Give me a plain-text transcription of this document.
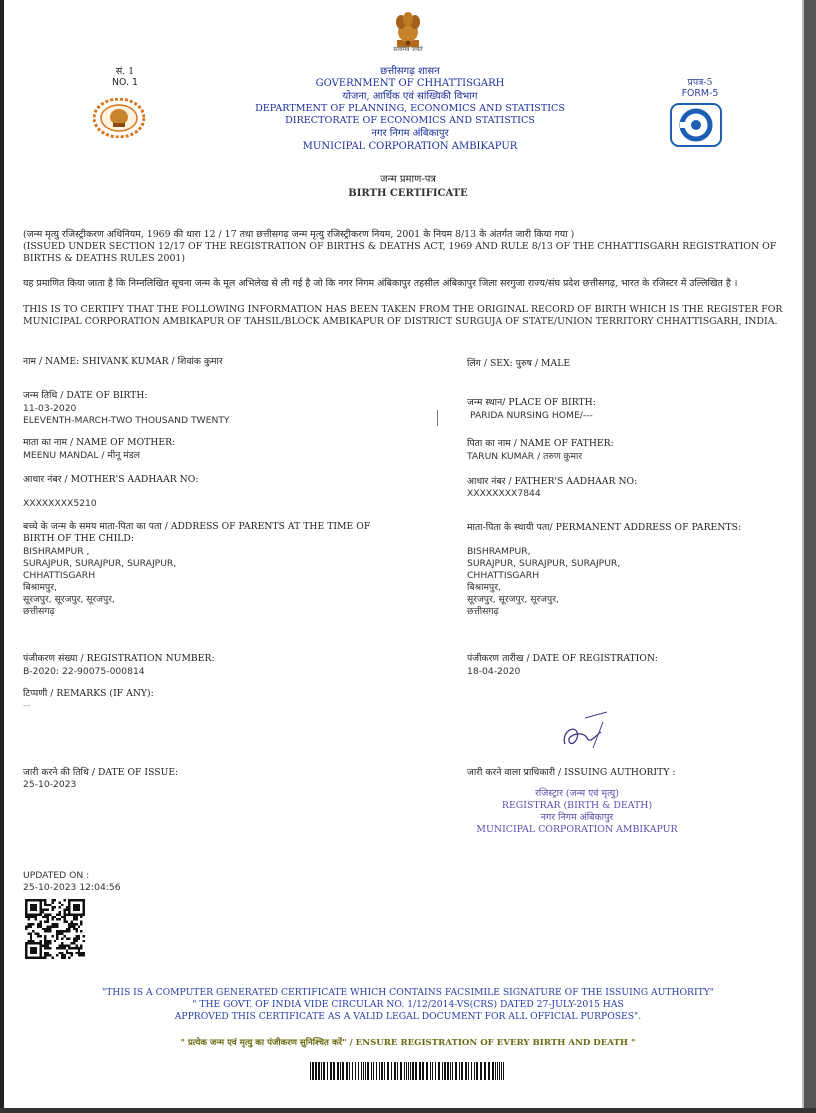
सत्यमेव जयते
सं. 1
NO. 1
छत्तीसगढ़ शासन
GOVERNMENT OF CHHATTISGARH
योजना, आर्थिक एवं सांख्यिकी विभाग
DEPARTMENT OF PLANNING, ECONOMICS AND STATISTICS
DIRECTORATE OF ECONOMICS AND STATISTICS
नगर निगम अंबिकापुर
MUNICIPAL CORPORATION AMBIKAPUR
प्रपत्र-5
FORM-5
जन्म प्रमाण-पत्र
BIRTH CERTIFICATE
(जन्म मृत्यु रजिस्ट्रीकरण अधिनियम, 1969 की धारा 12 / 17 तथा छत्तीसगढ़ जन्म मृत्यु रजिस्ट्रीकरण नियम, 2001 के नियम 8/13 के अंतर्गत जारी किया गया )
(ISSUED UNDER SECTION 12/17 OF THE REGISTRATION OF BIRTHS & DEATHS ACT, 1969 AND RULE 8/13 OF THE CHHATTISGARH REGISTRATION OF BIRTHS & DEATHS RULES 2001)
यह प्रमाणित किया जाता है कि निम्नलिखित सूचना जन्म के मूल अभिलेख से ली गई है जो कि नगर निगम अंबिकापुर तहसील अंबिकापुर जिला सरगुजा राज्य/संघ प्रदेश छत्तीसगढ़, भारत के रजिस्टर में उल्लिखित है ।
THIS IS TO CERTIFY THAT THE FOLLOWING INFORMATION HAS BEEN TAKEN FROM THE ORIGINAL RECORD OF BIRTH WHICH IS THE REGISTER FOR MUNICIPAL CORPORATION AMBIKAPUR OF TAHSIL/BLOCK AMBIKAPUR OF DISTRICT SURGUJA OF STATE/UNION TERRITORY CHHATTISGARH, INDIA.
नाम / NAME: SHIVANK KUMAR / शिवांक कुमार	लिंग / SEX: पुरुष / MALE
जन्म तिथि / DATE OF BIRTH:
11-03-2020
ELEVENTH-MARCH-TWO THOUSAND TWENTY
जन्म स्थान/ PLACE OF BIRTH:
PARIDA NURSING HOME/---
माता का नाम / NAME OF MOTHER:
MEENU MANDAL / मीनू मंडल
पिता का नाम / NAME OF FATHER:
TARUN KUMAR / तरुण कुमार
आधार नंबर / MOTHER'S AADHAAR NO:
XXXXXXXX5210
आधार नंबर / FATHER'S AADHAAR NO:
XXXXXXXX7844
बच्चे के जन्म के समय माता-पिता का पता / ADDRESS OF PARENTS AT THE TIME OF
BIRTH OF THE CHILD:
BISHRAMPUR ,
SURAJPUR, SURAJPUR, SURAJPUR,
CHHATTISGARH
बिश्रामपुर,
सूरजपुर, सूरजपुर, सूरजपुर,
छत्तीसगढ़
माता-पिता के स्थायी पता/ PERMANENT ADDRESS OF PARENTS:
BISHRAMPUR,
SURAJPUR, SURAJPUR, SURAJPUR,
CHHATTISGARH
बिश्रामपुर,
सूरजपुर, सूरजपुर, सूरजपुर,
छत्तीसगढ़
पंजीकरण संख्या / REGISTRATION NUMBER:
B-2020: 22-90075-000814
पंजीकरण तारीख / DATE OF REGISTRATION:
18-04-2020
टिप्पणी / REMARKS (IF ANY):
---
जारी करने की तिथि / DATE OF ISSUE:
25-10-2023
जारी करने वाला प्राधिकारी / ISSUING AUTHORITY :
रजिस्ट्रार (जन्म एवं मृत्यु)
REGISTRAR (BIRTH & DEATH)
नगर निगम अंबिकापुर
MUNICIPAL CORPORATION AMBIKAPUR
UPDATED ON :
25-10-2023 12:04:56
"THIS IS A COMPUTER GENERATED CERTIFICATE WHICH CONTAINS FACSIMILE SIGNATURE OF THE ISSUING AUTHORITY"
" THE GOVT. OF INDIA VIDE CIRCULAR NO. 1/12/2014-VS(CRS) DATED 27-JULY-2015 HAS
APPROVED THIS CERTIFICATE AS A VALID LEGAL DOCUMENT FOR ALL OFFICIAL PURPOSES".
" प्रत्येक जन्म एवं मृत्यु का पंजीकरण सुनिश्चित करें" / ENSURE REGISTRATION OF EVERY BIRTH AND DEATH "
